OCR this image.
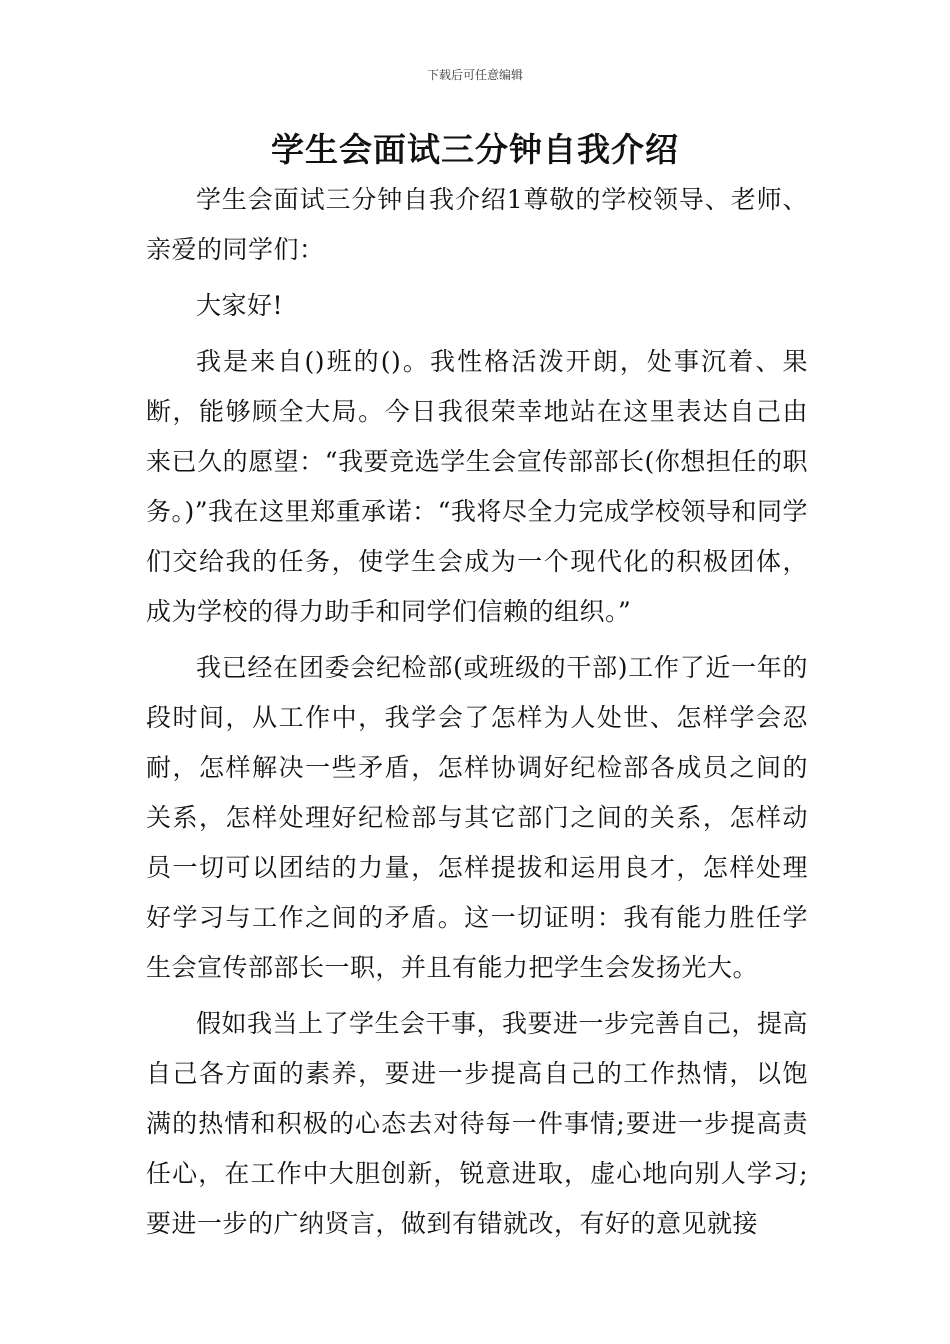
下载后可任意编辑
学生会面试三分钟自我介绍

学生会面试三分钟自我介绍1尊敬的学校领导、老师、亲爱的同学们：

大家好!

我是来自()班的()。我性格活泼开朗，处事沉着、果断，能够顾全大局。今日我很荣幸地站在这里表达自己由来已久的愿望：“我要竞选学生会宣传部部长(你想担任的职务。)”我在这里郑重承诺：“我将尽全力完成学校领导和同学们交给我的任务，使学生会成为一个现代化的积极团体，成为学校的得力助手和同学们信赖的组织。”

我已经在团委会纪检部(或班级的干部)工作了近一年的段时间，从工作中，我学会了怎样为人处世、怎样学会忍耐，怎样解决一些矛盾，怎样协调好纪检部各成员之间的关系，怎样处理好纪检部与其它部门之间的关系，怎样动员一切可以团结的力量，怎样提拔和运用良才，怎样处理好学习与工作之间的矛盾。这一切证明：我有能力胜任学生会宣传部部长一职，并且有能力把学生会发扬光大。

假如我当上了学生会干事，我要进一步完善自己，提高自己各方面的素养，要进一步提高自己的工作热情，以饱满的热情和积极的心态去对待每一件事情;要进一步提高责任心，在工作中大胆创新，锐意进取，虚心地向别人学习;要进一步的广纳贤言，做到有错就改，有好的意见就接
